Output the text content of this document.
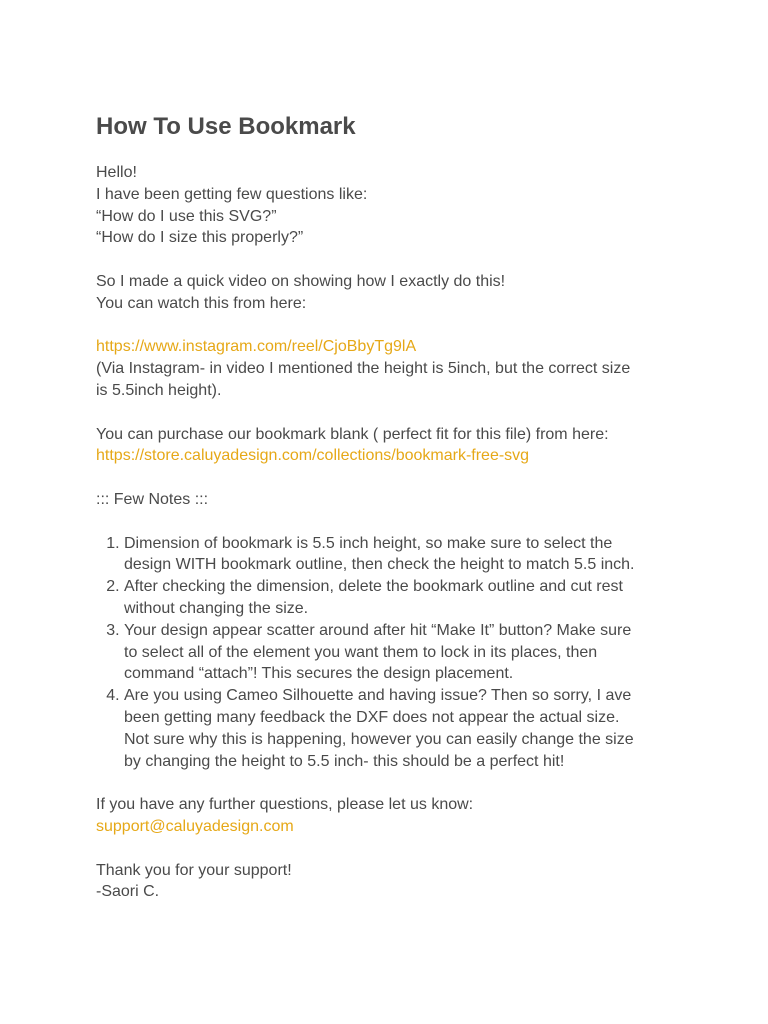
How To Use Bookmark

Hello!
I have been getting few questions like:
“How do I use this SVG?”
“How do I size this properly?”

So I made a quick video on showing how I exactly do this!
You can watch this from here:

https://www.instagram.com/reel/CjoBbyTg9lA
(Via Instagram- in video I mentioned the height is 5inch, but the correct size
is 5.5inch height).

You can purchase our bookmark blank ( perfect fit for this file) from here:
https://store.caluyadesign.com/collections/bookmark-free-svg

::: Few Notes :::

1. Dimension of bookmark is 5.5 inch height, so make sure to select the
design WITH bookmark outline, then check the height to match 5.5 inch.
2. After checking the dimension, delete the bookmark outline and cut rest
without changing the size.
3. Your design appear scatter around after hit “Make It” button? Make sure
to select all of the element you want them to lock in its places, then
command “attach”! This secures the design placement.
4. Are you using Cameo Silhouette and having issue? Then so sorry, I ave
been getting many feedback the DXF does not appear the actual size.
Not sure why this is happening, however you can easily change the size
by changing the height to 5.5 inch- this should be a perfect hit!

If you have any further questions, please let us know:
support@caluyadesign.com

Thank you for your support!
-Saori C.
